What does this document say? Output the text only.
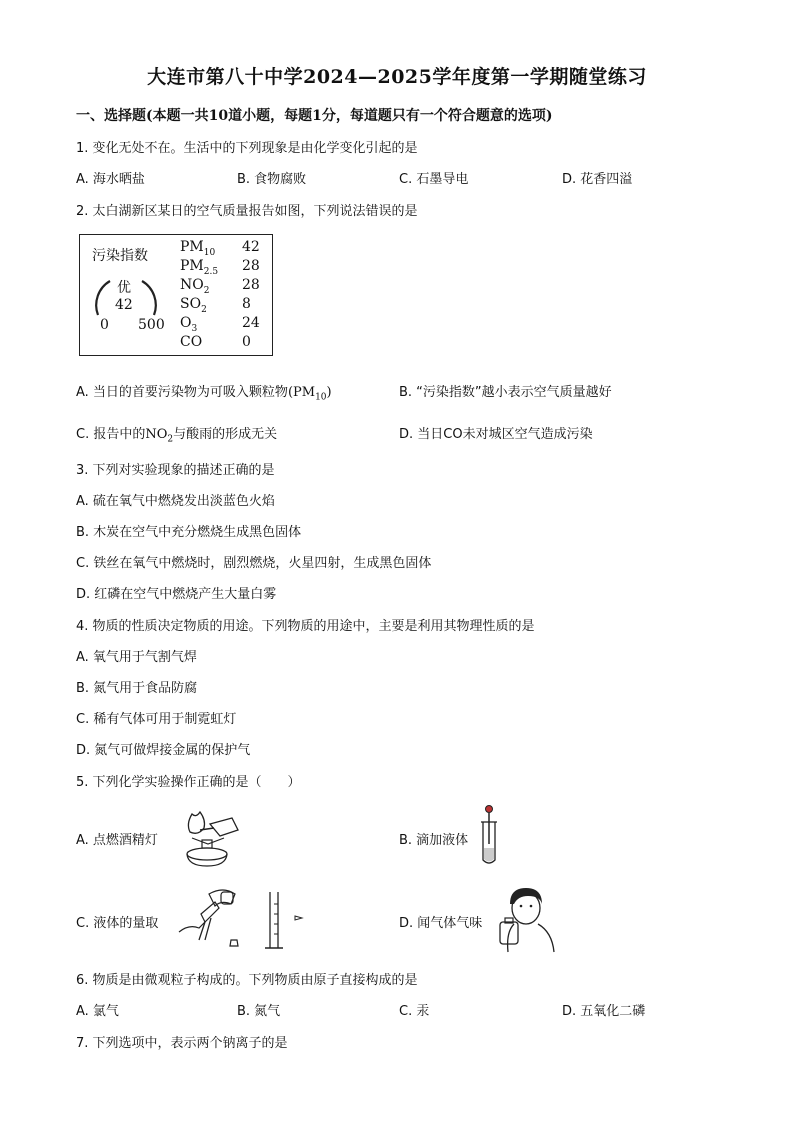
大连市第八十中学2024—2025学年度第一学期随堂练习
一、选择题(本题一共10道小题，每题1分，每道题只有一个符合题意的选项)
1. 变化无处不在。生活中的下列现象是由化学变化引起的是
A. 海水晒盐	B. 食物腐败	C. 石墨导电	D. 花香四溢
2. 太白湖新区某日的空气质量报告如图，下列说法错误的是
污染指数
优
42
0 500
$PM_{10}$ 42
$PM_{2.5}$ 28
$NO_2$ 28
$SO_2$	8
$O_3$	24
CO	0
A. 当日的首要污染物为可吸入颗粒物$(PM_{10})$	B. “污染指数”越小表示空气质量越好
C. 报告中的$NO_2$与酸雨的形成无关	D. 当日CO未对城区空气造成污染
3. 下列对实验现象的描述正确的是
A. 硫在氧气中燃烧发出淡蓝色火焰
B. 木炭在空气中充分燃烧生成黑色固体
C. 铁丝在氧气中燃烧时，剧烈燃烧，火星四射，生成黑色固体
D. 红磷在空气中燃烧产生大量白雾
4. 物质的性质决定物质的用途。下列物质的用途中，主要是利用其物理性质的是
A. 氧气用于气割气焊
B. 氮气用于食品防腐
C. 稀有气体可用于制霓虹灯
D. 氮气可做焊接金属的保护气
5. 下列化学实验操作正确的是（　　）
A. 点燃酒精灯	B. 滴加液体
C. 液体的量取	D. 闻气体气味
6. 物质是由微观粒子构成的。下列物质由原子直接构成的是
A. 氯气	B. 氮气	C. 汞	D. 五氧化二磷
7. 下列选项中，表示两个钠离子的是
